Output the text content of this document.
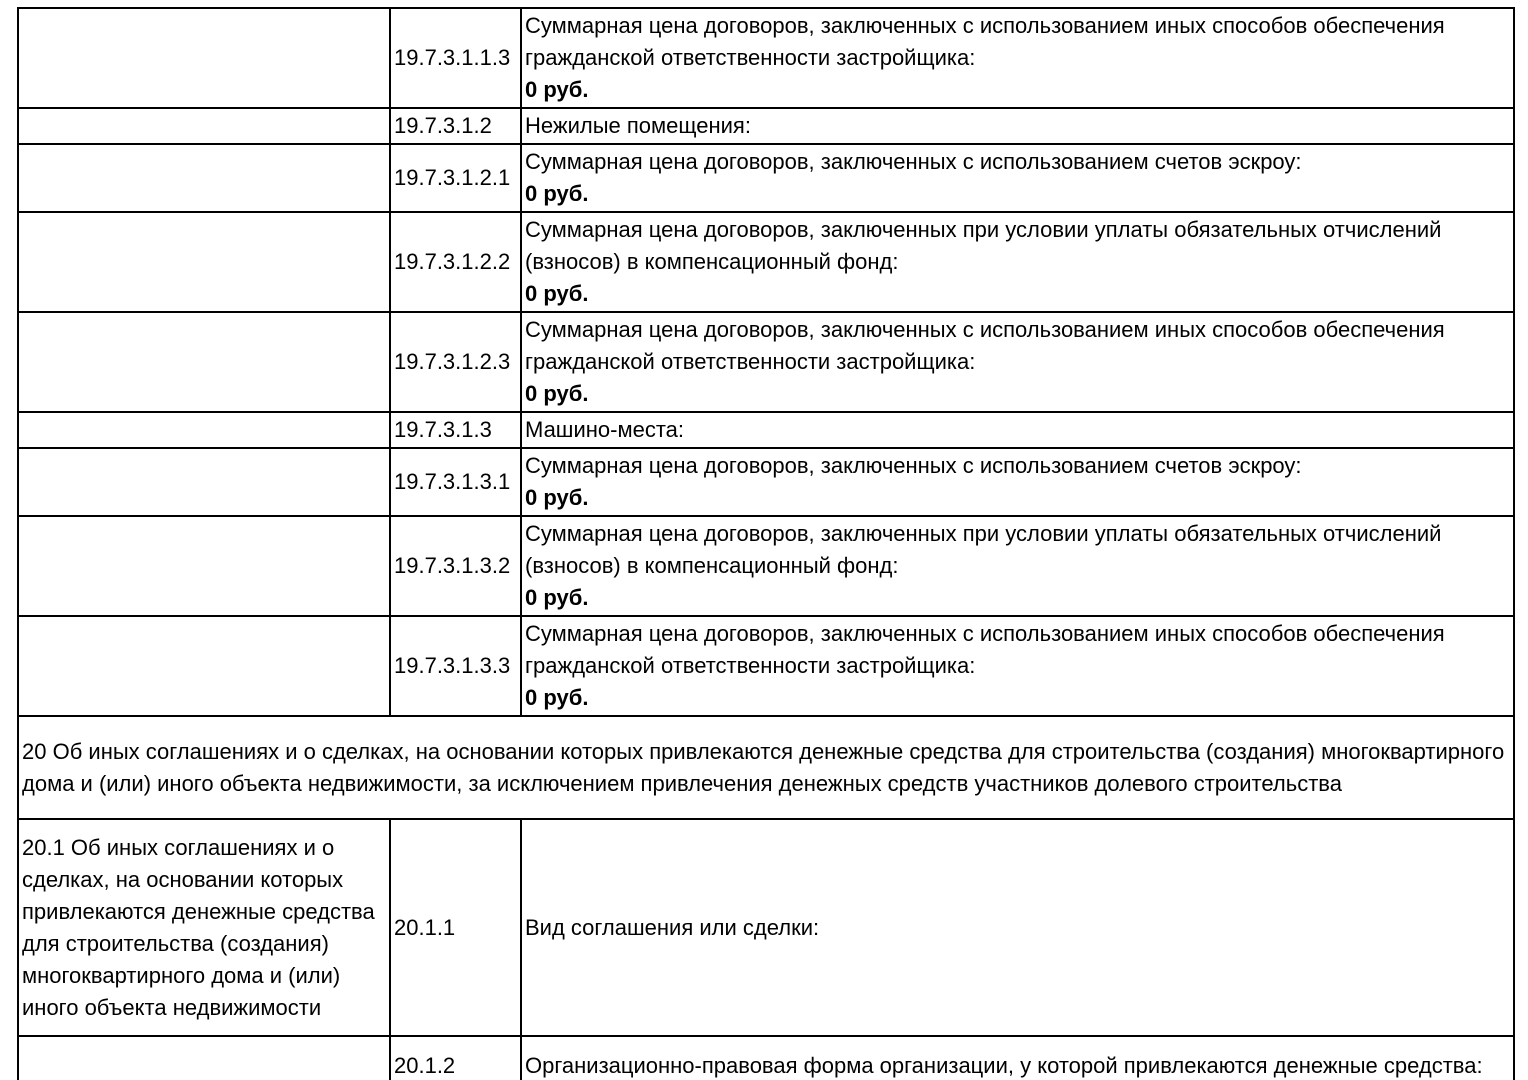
	19.7.3.1.1.3	Суммарная цена договоров, заключенных с использованием иных способов обеспечения гражданской ответственности застройщика:
0 руб.

	19.7.3.1.2	Нежилые помещения:

	19.7.3.1.2.1	Суммарная цена договоров, заключенных с использованием счетов эскроу:
0 руб.

	19.7.3.1.2.2	Суммарная цена договоров, заключенных при условии уплаты обязательных отчислений (взносов) в компенсационный фонд:
0 руб.

	19.7.3.1.2.3	Суммарная цена договоров, заключенных с использованием иных способов обеспечения гражданской ответственности застройщика:
0 руб.

	19.7.3.1.3	Машино-места:

	19.7.3.1.3.1	Суммарная цена договоров, заключенных с использованием счетов эскроу:
0 руб.

	19.7.3.1.3.2	Суммарная цена договоров, заключенных при условии уплаты обязательных отчислений (взносов) в компенсационный фонд:
0 руб.

	19.7.3.1.3.3	Суммарная цена договоров, заключенных с использованием иных способов обеспечения гражданской ответственности застройщика:
0 руб.

20 Об иных соглашениях и о сделках, на основании которых привлекаются денежные средства для строительства (создания) многоквартирного дома и (или) иного объекта недвижимости, за исключением привлечения денежных средств участников долевого строительства		
20.1 Об иных соглашениях и о сделках, на основании которых привлекаются денежные средства для строительства (создания) многоквартирного дома и (или) иного объекта недвижимости	20.1.1	Вид соглашения или сделки:

	20.1.2	Организационно-правовая форма организации, у которой привлекаются денежные средства:
